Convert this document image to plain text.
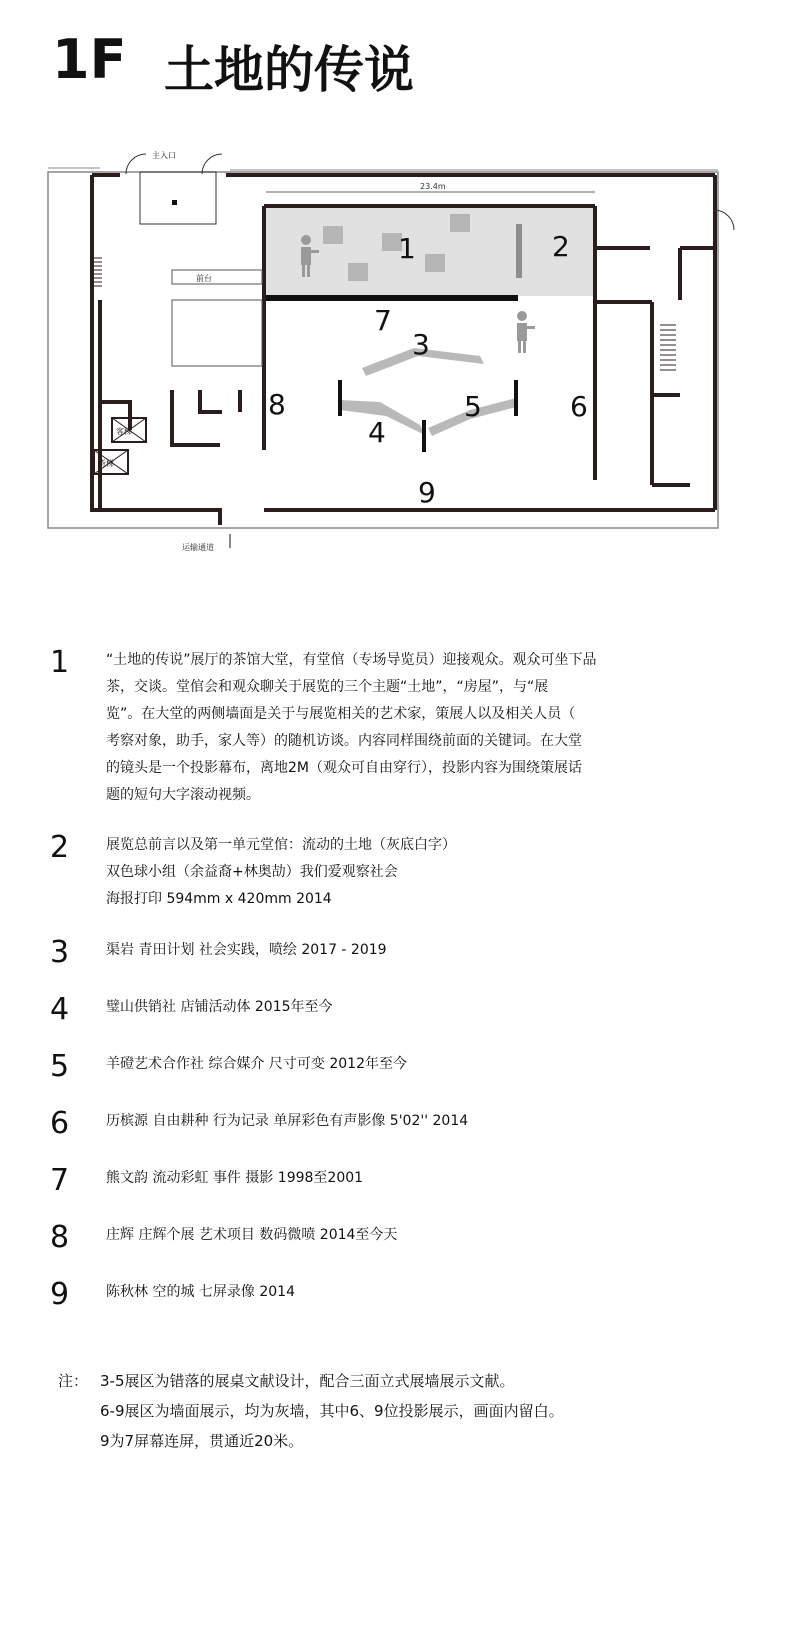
1F 土地的传说
前台
客梯
货梯
主入口
23.4m
运输通道
1	2
3
4
5	6
7
8
9
1	“土地的传说”展厅的茶馆大堂，有堂倌（专场导览员）迎接观众。观众可坐下品
茶，交谈。堂倌会和观众聊关于展览的三个主题“土地”，“房屋”，与“展
览”。在大堂的两侧墙面是关于与展览相关的艺术家，策展人以及相关人员（
考察对象，助手，家人等）的随机访谈。内容同样围绕前面的关键词。在大堂
的镜头是一个投影幕布，离地2M（观众可自由穿行），投影内容为围绕策展话
题的短句大字滚动视频。
2	展览总前言以及第一单元堂倌：流动的土地（灰底白字）
双色球小组（余益裔+林奥劼）我们爱观察社会
海报打印 594mm x 420mm 2014
3	渠岩 青田计划 社会实践，喷绘 2017 - 2019
4	璧山供销社 店铺活动体 2015年至今
5	羊磴艺术合作社 综合媒介 尺寸可变 2012年至今
6	历槟源 自由耕种 行为记录 单屏彩色有声影像 5'02'' 2014
7	熊文韵 流动彩虹 事件 摄影 1998至2001
8	庄辉 庄辉个展 艺术项目 数码微喷 2014至今天
9	陈秋林 空的城 七屏录像 2014
注： 3-5展区为错落的展桌文献设计，配合三面立式展墙展示文献。
6-9展区为墙面展示，均为灰墙，其中6、9位投影展示，画面内留白。
9为7屏幕连屏，贯通近20米。
